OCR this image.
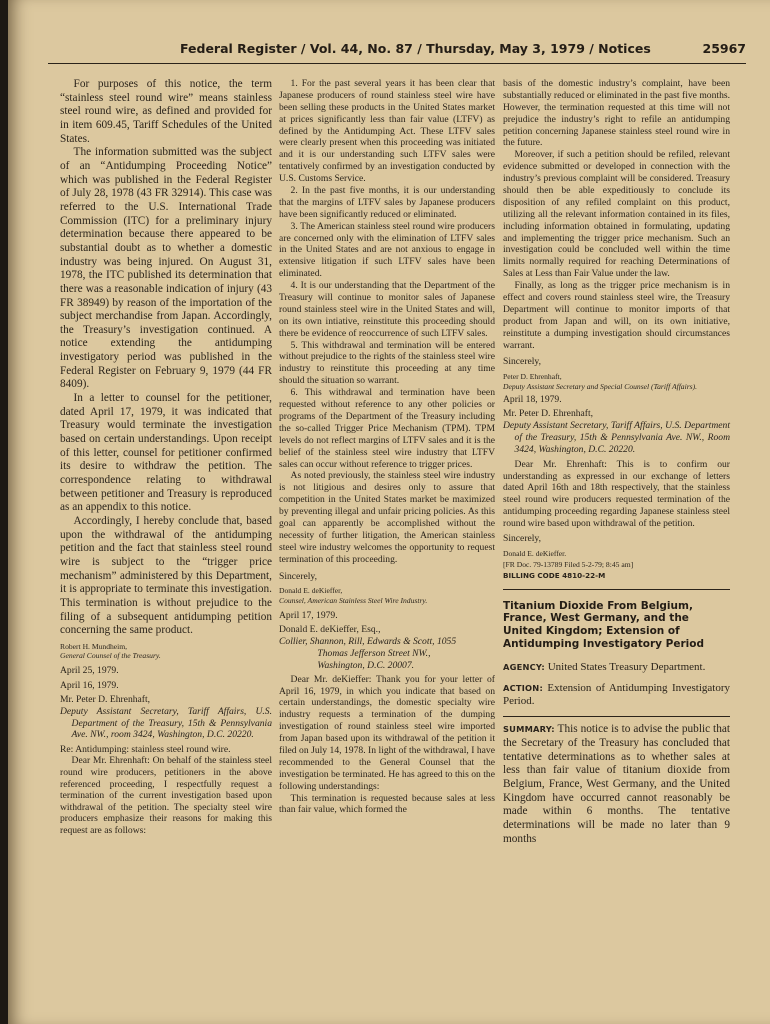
Federal Register / Vol. 44, No. 87 / Thursday, May 3, 1979 / Notices	25967

For purposes of this notice, the term “stainless steel round wire” means stainless steel round wire, as defined and provided for in item 609.45, Tariff Schedules of the United States.

The information submitted was the subject of an “Antidumping Proceeding Notice” which was published in the Federal Register of July 28, 1978 (43 FR 32914). This case was referred to the U.S. International Trade Commission (ITC) for a preliminary injury determination because there appeared to be substantial doubt as to whether a domestic industry was being injured. On August 31, 1978, the ITC published its determination that there was a reasonable indication of injury (43 FR 38949) by reason of the importation of the subject merchandise from Japan. Accordingly, the Treasury’s investigation continued. A notice extending the antidumping investigatory period was published in the Federal Register on February 9, 1979 (44 FR 8409).

In a letter to counsel for the petitioner, dated April 17, 1979, it was indicated that Treasury would terminate the investigation based on certain understandings. Upon receipt of this letter, counsel for petitioner confirmed its desire to withdraw the petition. The correspondence relating to withdrawal between petitioner and Treasury is reproduced as an appendix to this notice.

Accordingly, I hereby conclude that, based upon the withdrawal of the antidumping petition and the fact that stainless steel round wire is subject to the “trigger price mechanism” administered by this Department, it is appropriate to terminate this investigation. This termination is without prejudice to the filing of a subsequent antidumping petition concerning the same product.

Robert H. Mundheim,

General Counsel of the Treasury.

April 25, 1979.

April 16, 1979.

Mr. Peter D. Ehrenhaft,

Deputy Assistant Secretary, Tariff Affairs, U.S. Department of the Treasury, 15th & Pennsylvania Ave. NW., room 3424, Washington, D.C. 20220.

Re: Antidumping: stainless steel round wire.

Dear Mr. Ehrenhaft: On behalf of the stainless steel round wire producers, petitioners in the above referenced proceeding, I respectfully request a termination of the current investigation based upon withdrawal of the petition. The specialty steel wire producers emphasize their reasons for making this request are as follows:

1. For the past several years it has been clear that Japanese producers of round stainless steel wire have been selling these products in the United States market at prices significantly less than fair value (LTFV) as defined by the Antidumping Act. These LTFV sales were clearly present when this proceeding was initiated and it is our understanding such LTFV sales were tentatively confirmed by an investigation conducted by U.S. Customs Service.

2. In the past five months, it is our understanding that the margins of LTFV sales by Japanese producers have been significantly reduced or eliminated.

3. The American stainless steel round wire producers are concerned only with the elimination of LTFV sales in the United States and are not anxious to engage in extensive litigation if such LTFV sales have been eliminated.

4. It is our understanding that the Department of the Treasury will continue to monitor sales of Japanese round stainless steel wire in the United States and will, on its own intiative, reinstitute this proceeding should there be evidence of reoccurrence of such LTFV sales.

5. This withdrawal and termination will be entered without prejudice to the rights of the stainless steel wire industry to reinstitute this proceeding at any time should the situation so warrant.

6. This withdrawal and termination have been requested without reference to any other policies or programs of the Department of the Treasury including the so-called Trigger Price Mechanism (TPM). TPM levels do not reflect margins of LTFV sales and it is the belief of the stainless steel wire industry that LTFV sales can occur without reference to trigger prices.

As noted previously, the stainless steel wire industry is not litigious and desires only to assure that competition in the United States market be maximized by preventing illegal and unfair pricing policies. As this goal can apparently be accomplished without the necessity of further litigation, the American stainless steel wire industry welcomes the opportunity to request termination of this proceeding.

Sincerely,

Donald E. deKieffer,

Counsel, American Stainless Steel Wire Industry.

April 17, 1979.

Donald E. deKieffer, Esq.,

Collier, Shannon, Rill, Edwards & Scott, 1055

Thomas Jefferson Street NW.,

Washington, D.C. 20007.

Dear Mr. deKieffer: Thank you for your letter of April 16, 1979, in which you indicate that based on certain understandings, the domestic specialty wire industry requests a termination of the dumping investigation of round stainless steel wire imported from Japan based upon its withdrawal of the petition it filed on July 14, 1978. In light of the withdrawal, I have recommended to the General Counsel that the investigation be terminated. He has agreed to this on the following understandings:

This termination is requested because sales at less than fair value, which formed the

basis of the domestic industry’s complaint, have been substantially reduced or eliminated in the past five months. However, the termination requested at this time will not prejudice the industry’s right to refile an antidumping petition concerning Japanese stainless steel round wire in the future.

Moreover, if such a petition should be refiled, relevant evidence submitted or developed in connection with the industry’s previous complaint will be considered. Treasury should then be able expeditiously to conclude its disposition of any refiled complaint on this product, utilizing all the relevant information contained in its files, including information obtained in formulating, updating and implementing the trigger price mechanism. Such an investigation could be concluded well within the time limits normally required for reaching Determinations of Sales at Less than Fair Value under the law.

Finally, as long as the trigger price mechanism is in effect and covers round stainless steel wire, the Treasury Department will continue to monitor imports of that product from Japan and will, on its own initiative, reinstitute a dumping investigation should circumstances warrant.

Sincerely,

Peter D. Ehrenhaft,

Deputy Assistant Secretary and Special Counsel (Tariff Affairs).

April 18, 1979.

Mr. Peter D. Ehrenhaft,

Deputy Assistant Secretary, Tariff Affairs, U.S. Department of the Treasury, 15th & Pennsylvania Ave. NW., Room 3424, Washington, D.C. 20220.

Dear Mr. Ehrenhaft: This is to confirm our understanding as expressed in our exchange of letters dated April 16th and 18th respectively, that the stainless steel round wire producers requested termination of the antidumping proceeding regarding Japanese stainless steel round wire based upon withdrawal of the petition.

Sincerely,

Donald E. deKieffer.

[FR Doc. 79-13789 Filed 5-2-79; 8:45 am]

BILLING CODE 4810-22-M

Titanium Dioxide From Belgium, France, West Germany, and the United Kingdom; Extension of Antidumping Investigatory Period

AGENCY: United States Treasury Department.

ACTION: Extension of Antidumping Investigatory Period.

SUMMARY: This notice is to advise the public that the Secretary of the Treasury has concluded that tentative determinations as to whether sales at less than fair value of titanium dioxide from Belgium, France, West Germany, and the United Kingdom have occurred cannot reasonably be made within 6 months. The tentative determinations will be made no later than 9 months
